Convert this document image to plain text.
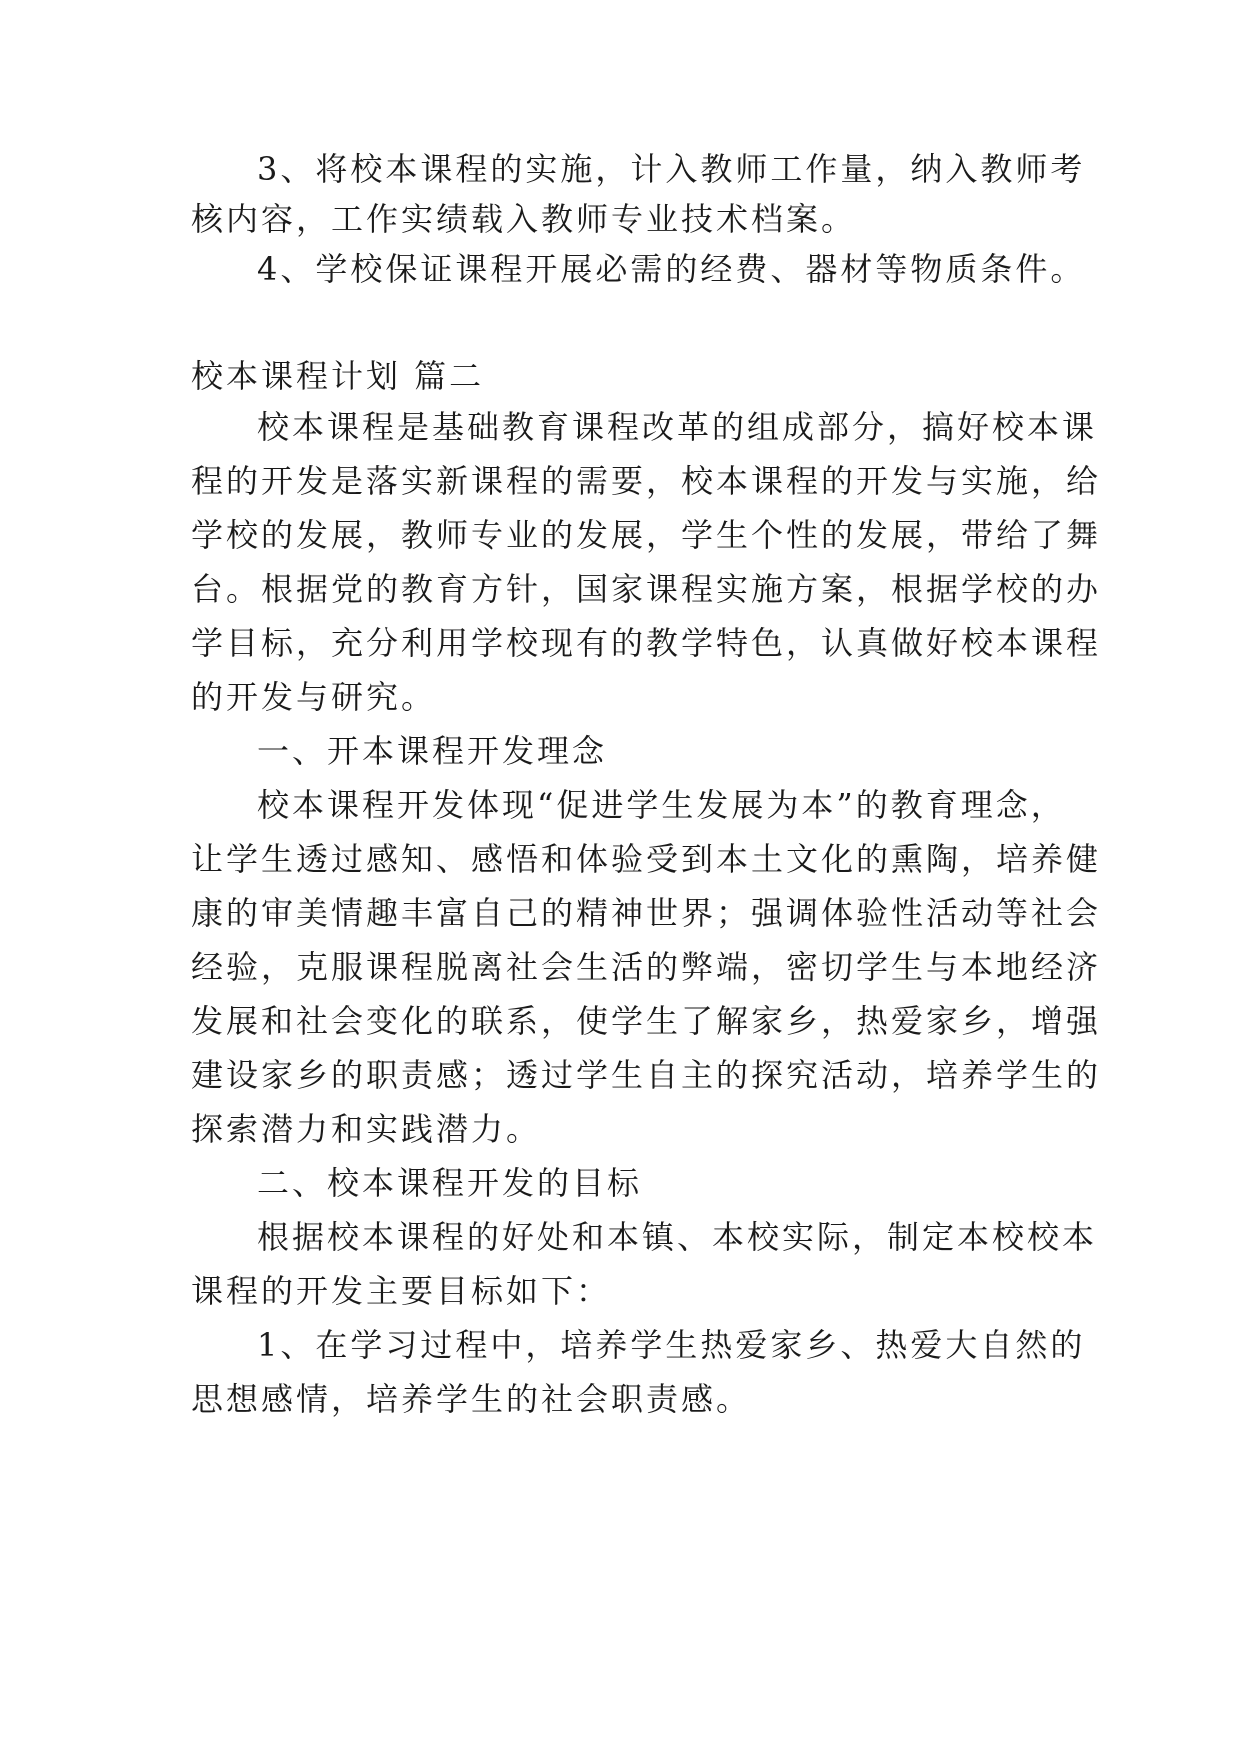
3、将校本课程的实施，计入教师工作量，纳入教师考
核内容，工作实绩载入教师专业技术档案。
4、学校保证课程开展必需的经费、器材等物质条件。
校本课程计划 篇二
校本课程是基础教育课程改革的组成部分，搞好校本课
程的开发是落实新课程的需要，校本课程的开发与实施，给
学校的发展，教师专业的发展，学生个性的发展，带给了舞
台。根据党的教育方针，国家课程实施方案，根据学校的办
学目标，充分利用学校现有的教学特色，认真做好校本课程
的开发与研究。
一、开本课程开发理念
校本课程开发体现“促进学生发展为本”的教育理念，
让学生透过感知、感悟和体验受到本土文化的熏陶，培养健
康的审美情趣丰富自己的精神世界；强调体验性活动等社会
经验，克服课程脱离社会生活的弊端，密切学生与本地经济
发展和社会变化的联系，使学生了解家乡，热爱家乡，增强
建设家乡的职责感；透过学生自主的探究活动，培养学生的
探索潜力和实践潜力。
二、校本课程开发的目标
根据校本课程的好处和本镇、本校实际，制定本校校本
课程的开发主要目标如下：
1、在学习过程中，培养学生热爱家乡、热爱大自然的
思想感情，培养学生的社会职责感。
